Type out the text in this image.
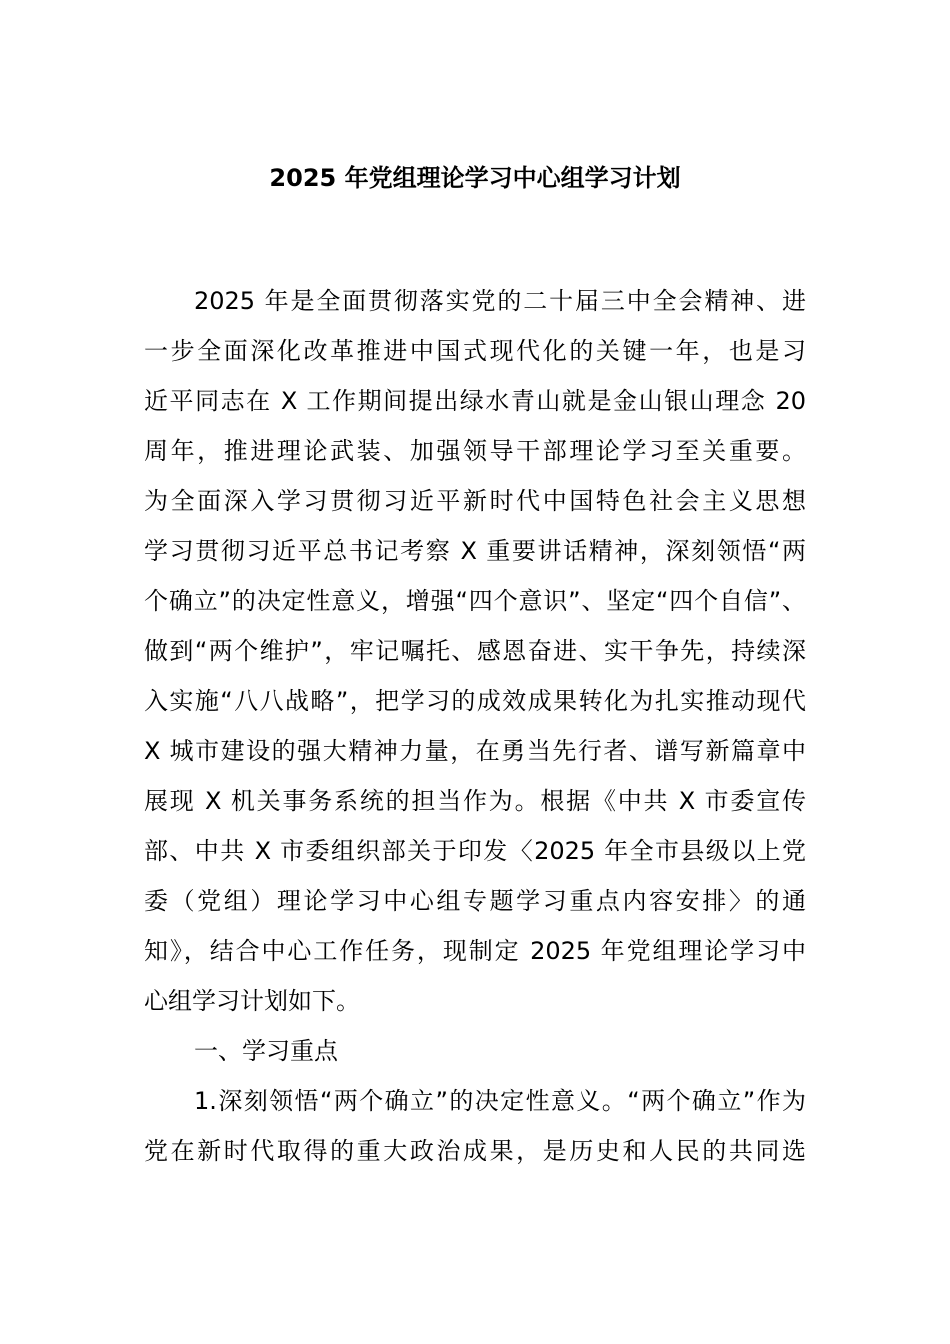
2025 年党组理论学习中心组学习计划
2025 年是全面贯彻落实党的二十届三中全会精神、进
一步全面深化改革推进中国式现代化的关键一年，也是习
近平同志在 X 工作期间提出绿水青山就是金山银山理念 20
周年，推进理论武装、加强领导干部理论学习至关重要。
为全面深入学习贯彻习近平新时代中国特色社会主义思想
学习贯彻习近平总书记考察 X 重要讲话精神，深刻领悟“两
个确立”的决定性意义，增强“四个意识”、坚定“四个自信”、
做到“两个维护”，牢记嘱托、感恩奋进、实干争先，持续深
入实施“八八战略”，把学习的成效成果转化为扎实推动现代
X 城市建设的强大精神力量，在勇当先行者、谱写新篇章中
展现 X 机关事务系统的担当作为。根据《中共 X 市委宣传
部、中共 X 市委组织部关于印发〈2025 年全市县级以上党
委（党组）理论学习中心组专题学习重点内容安排〉的通
知》，结合中心工作任务，现制定 2025 年党组理论学习中
心组学习计划如下。
一、学习重点
1.深刻领悟“两个确立”的决定性意义。“两个确立”作为
党在新时代取得的重大政治成果，是历史和人民的共同选
